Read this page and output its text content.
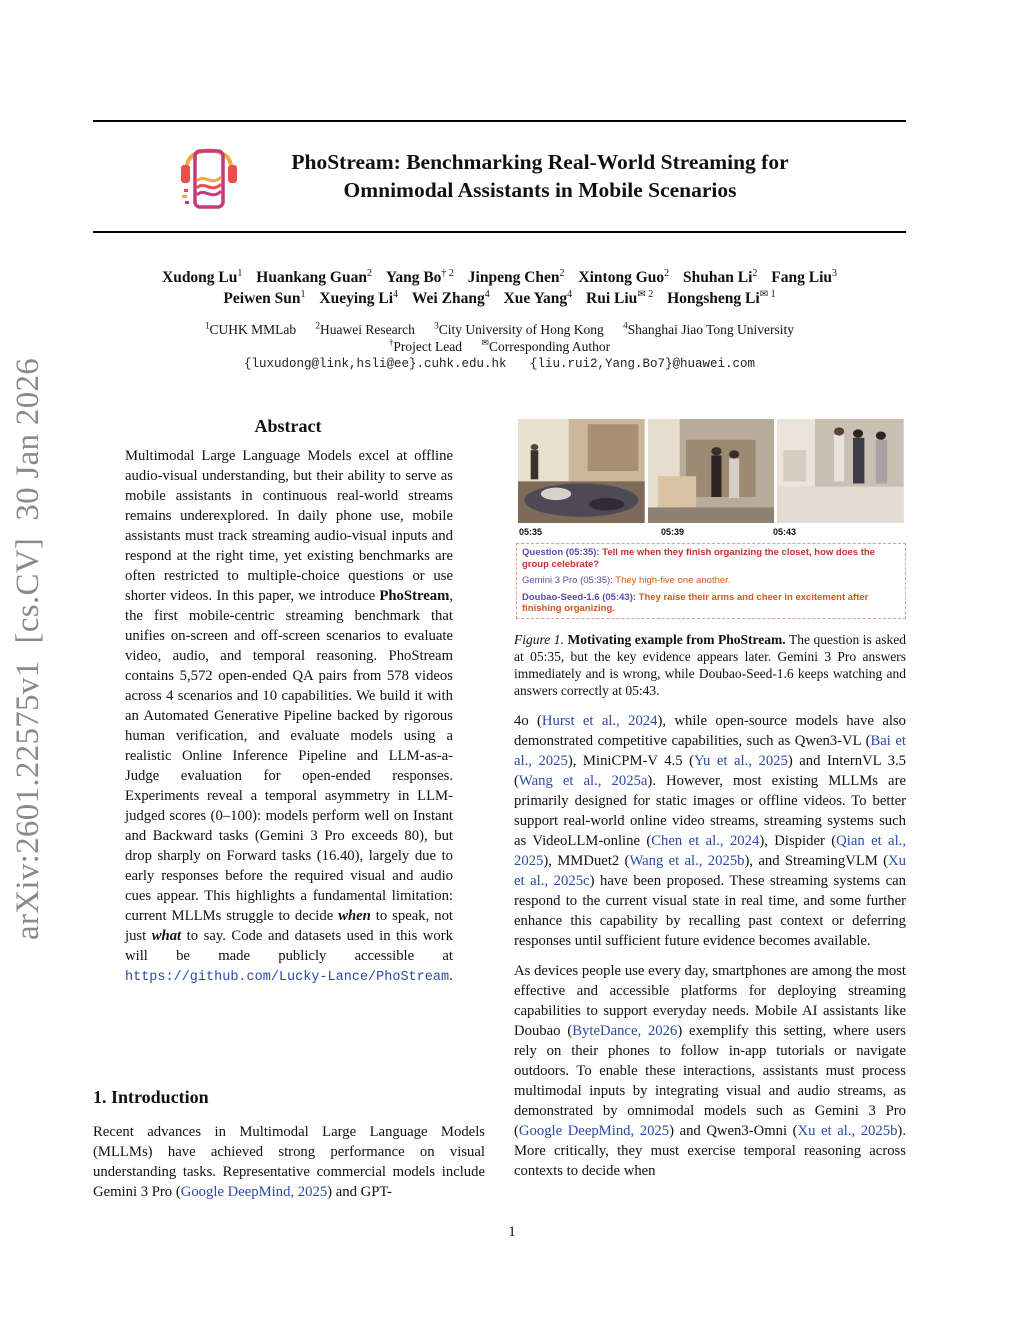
arXiv:2601.22575v1  [cs.CV]  30 Jan 2026
PhoStream: Benchmarking Real-World Streaming for
Omnimodal Assistants in Mobile Scenarios
Xudong Lu$^1$ Huankang Guan$^2$ Yang Bo$^{\dagger 2}$ Jinpeng Chen$^2$ Xintong Guo$^2$ Shuhan Li$^2$ Fang Liu$^3$
Peiwen Sun$^1$ Xueying Li$^4$ Wei Zhang$^4$ Xue Yang$^4$ Rui Liu$^{✉ 2}$ Hongsheng $Li^{✉ 1}$
$^1$CUHK MMLab $^2$Huawei Research $^3$City University of Hong Kong $^4$Shanghai Jiao Tong University
†Project Lead ✉Corresponding Author
{luxudong@link,hsli@ee}.cuhk.edu.hk {liu.rui2,Yang.Bo7}@huawei.com
Abstract
Multimodal Large Language Models excel at offline audio-visual understanding, but their ability to serve as mobile assistants in continuous real-world streams remains underexplored. In daily phone use, mobile assistants must track streaming audio-visual inputs and respond at the right time, yet existing benchmarks are often restricted to multiple-choice questions or use shorter videos. In this paper, we introduce PhoStream, the first mobile-centric streaming benchmark that unifies on-screen and off-screen scenarios to evaluate video, audio, and temporal reasoning. PhoStream contains 5,572 open-ended QA pairs from 578 videos across 4 scenarios and 10 capabilities. We build it with an Automated Generative Pipeline backed by rigorous human verification, and evaluate models using a realistic Online Inference Pipeline and LLM-as-a-Judge evaluation for open-ended responses. Experiments reveal a temporal asymmetry in LLM-judged scores (0–100): models perform well on Instant and Backward tasks (Gemini 3 Pro exceeds 80), but drop sharply on Forward tasks (16.40), largely due to early responses before the required visual and audio cues appear. This highlights a fundamental limitation: current MLLMs struggle to decide when to speak, not just what to say. Code and datasets used in this work will be made publicly accessible at https://github.com/Lucky-Lance/PhoStream.
1. Introduction
Recent advances in Multimodal Large Language Models (MLLMs) have achieved strong performance on visual understanding tasks. Representative commercial models include Gemini 3 Pro (Google DeepMind, 2025) and GPT-
05:35	05:39	05:43

Question (05:35): Tell me when they finish organizing the closet, how does the group celebrate?

Gemini 3 Pro (05:35): They high-five one another.

Doubao-Seed-1.6 (05:43): They raise their arms and cheer in excitement after finishing organizing.

Figure 1. Motivating example from PhoStream. The question is asked at 05:35, but the key evidence appears later. Gemini 3 Pro answers immediately and is wrong, while Doubao-Seed-1.6 keeps watching and answers correctly at 05:43.

4o (Hurst et al., 2024), while open-source models have also demonstrated competitive capabilities, such as Qwen3-VL (Bai et al., 2025), MiniCPM-V 4.5 (Yu et al., 2025) and InternVL 3.5 (Wang et al., 2025a). However, most existing MLLMs are primarily designed for static images or offline videos. To better support real-world online video streams, streaming systems such as VideoLLM-online (Chen et al., 2024), Dispider (Qian et al., 2025), MMDuet2 (Wang et al., 2025b), and StreamingVLM (Xu et al., 2025c) have been proposed. These streaming systems can respond to the current visual state in real time, and some further enhance this capability by recalling past context or deferring responses until sufficient future evidence becomes available.

As devices people use every day, smartphones are among the most effective and accessible platforms for deploying streaming capabilities to support everyday needs. Mobile AI assistants like Doubao (ByteDance, 2026) exemplify this setting, where users rely on their phones to follow in-app tutorials or navigate outdoors. To enable these interactions, assistants must process multimodal inputs by integrating visual and audio streams, as demonstrated by omnimodal models such as Gemini 3 Pro (Google DeepMind, 2025) and Qwen3-Omni (Xu et al., 2025b). More critically, they must exercise temporal reasoning across contexts to decide when

1
